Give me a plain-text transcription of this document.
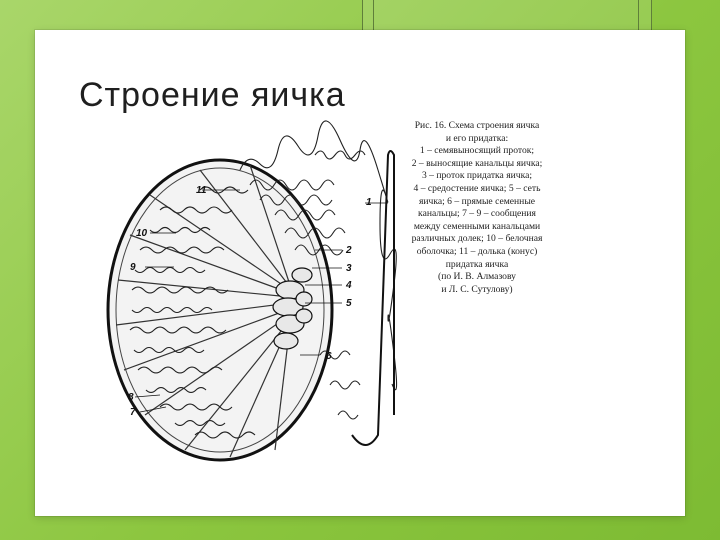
Строение яичка
1
2
3
4
5
6
7
8
9
10
11
Рис. 16. Схема строения яичка
и его придатка:
1 – семявыносящий проток;
2 – выносящие канальцы яичка;
3 – проток придатка яичка;
4 – средостение яичка; 5 – сеть
яичка; 6 – прямые семенные
канальцы; 7 – 9 – сообщения
между семенными канальцами
различных долек; 10 – белочная
оболочка; 11 – долька (конус)
придатка яичка
(по И. В. Алмазову
и Л. С. Сутулову)
